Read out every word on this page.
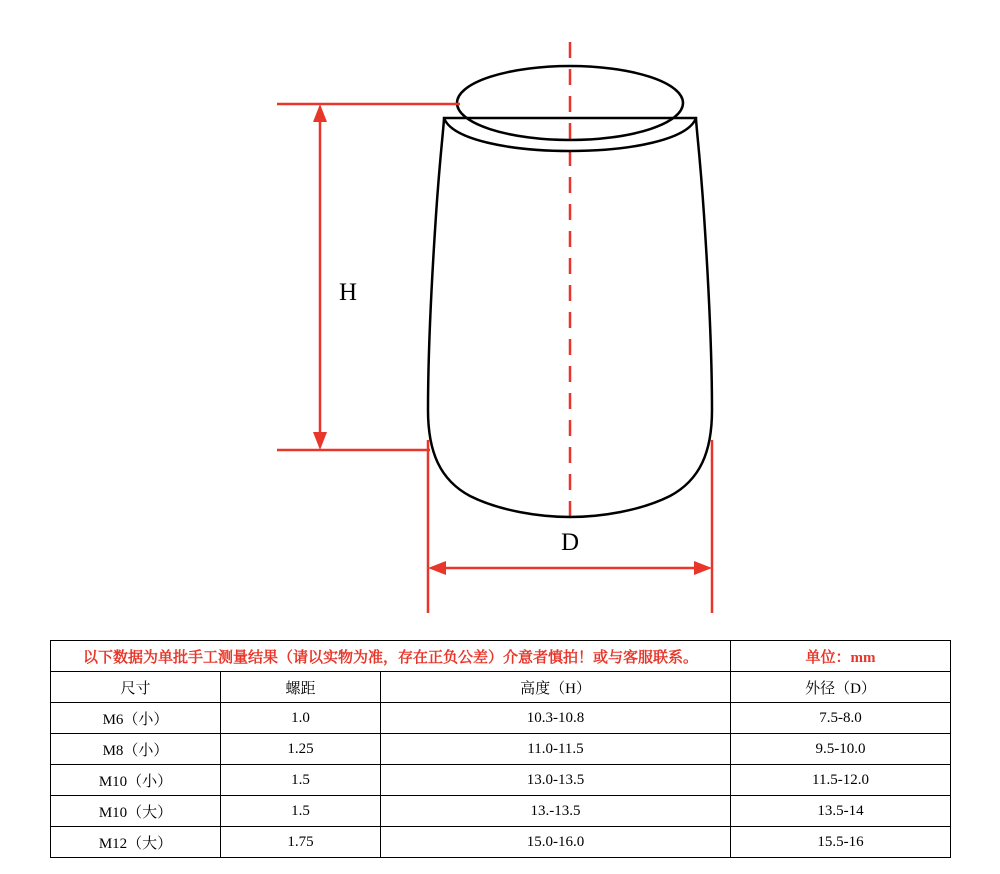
H
D
以下数据为单批手工测量结果（请以实物为准，存在正负公差）介意者慎拍！或与客服联系。			单位：mm
尺寸	螺距	高度（H）	外径（D）
M6（小）	1.0	10.3-10.8	7.5-8.0
M8（小）	1.25	11.0-11.5	9.5-10.0
M10（小）	1.5	13.0-13.5	11.5-12.0
M10（大）	1.5	13.-13.5	13.5-14
M12（大）	1.75	15.0-16.0	15.5-16
